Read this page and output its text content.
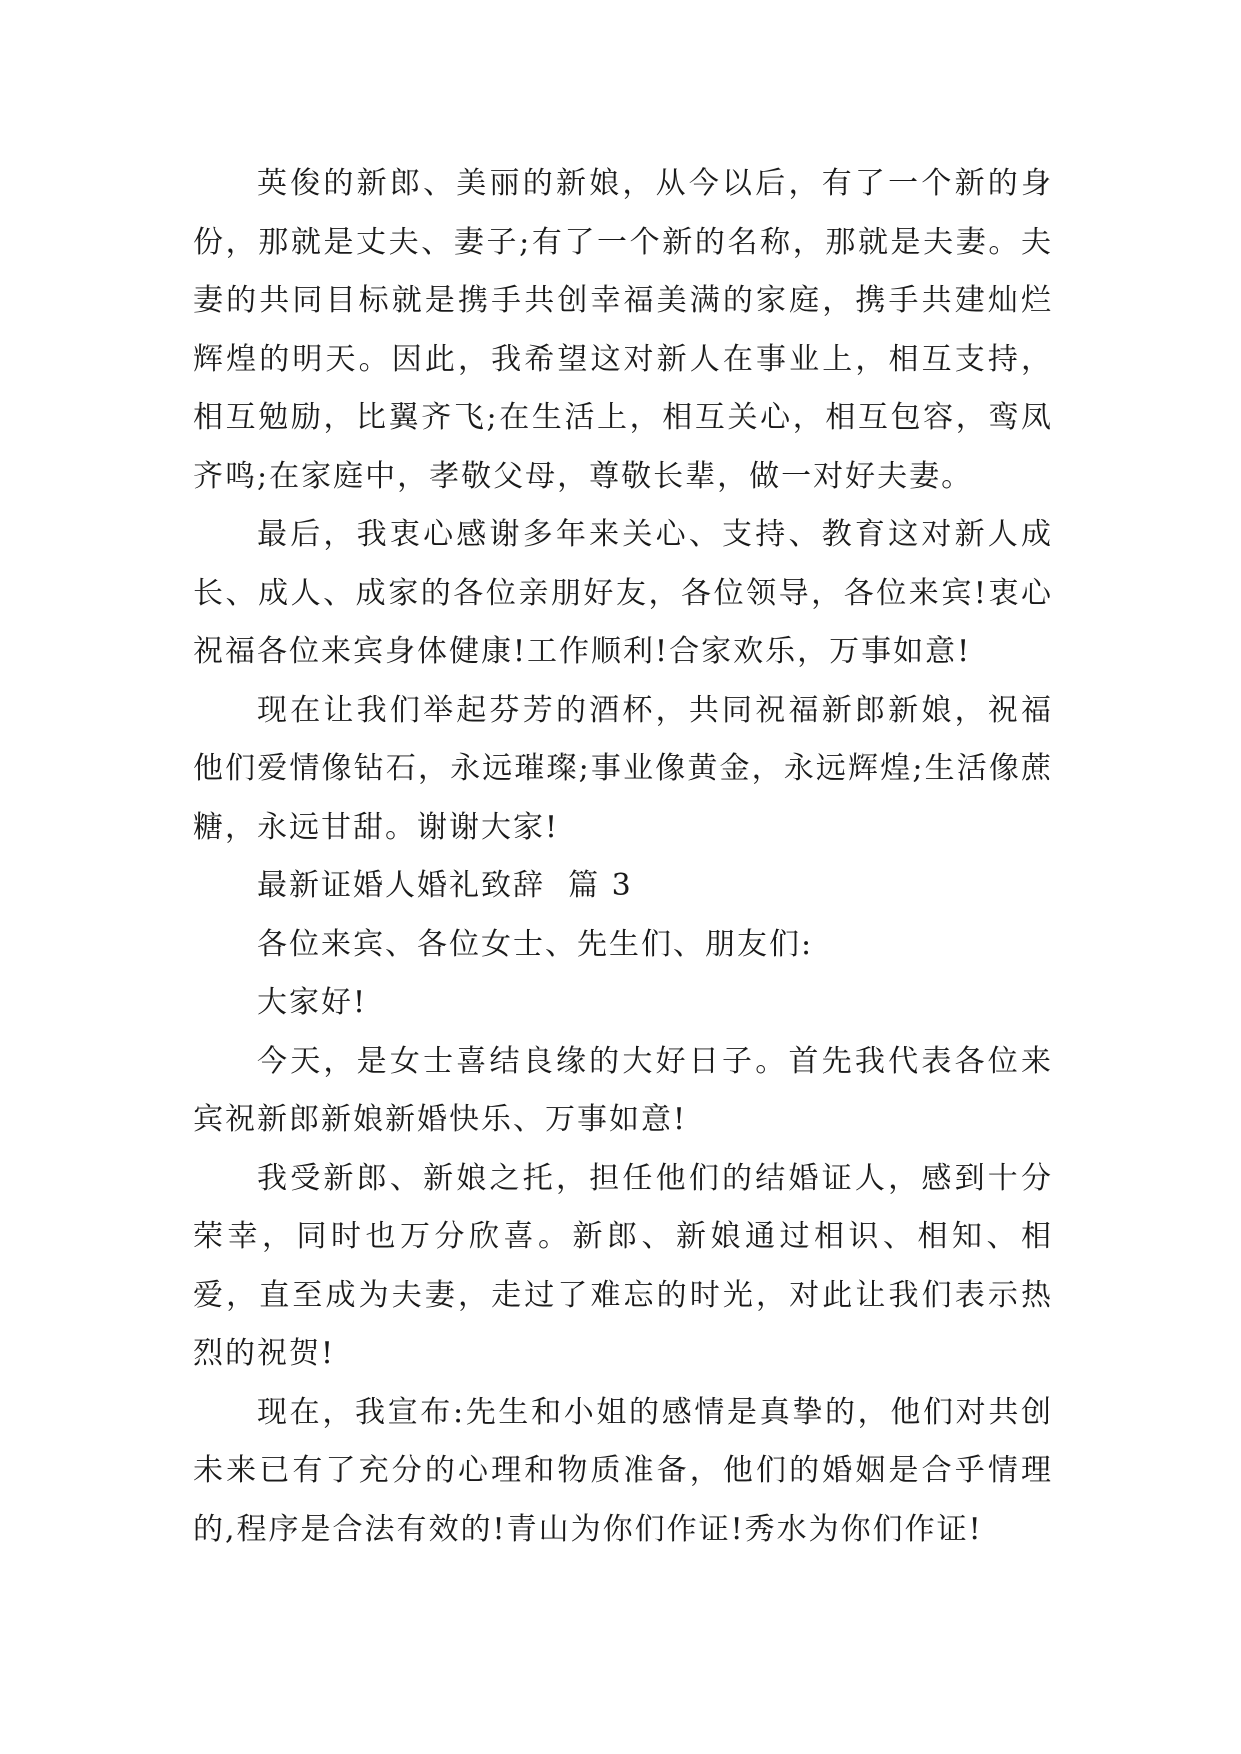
英俊的新郎、美丽的新娘，从今以后，有了一个新的身份，那就是丈夫、妻子;有了一个新的名称，那就是夫妻。夫妻的共同目标就是携手共创幸福美满的家庭，携手共建灿烂辉煌的明天。因此，我希望这对新人在事业上，相互支持，相互勉励，比翼齐飞;在生活上，相互关心，相互包容，鸾凤齐鸣;在家庭中，孝敬父母，尊敬长辈，做一对好夫妻。

最后，我衷心感谢多年来关心、支持、教育这对新人成长、成人、成家的各位亲朋好友，各位领导，各位来宾!衷心祝福各位来宾身体健康!工作顺利!合家欢乐，万事如意!

现在让我们举起芬芳的酒杯，共同祝福新郎新娘，祝福他们爱情像钻石，永远璀璨;事业像黄金，永远辉煌;生活像蔗糖，永远甘甜。谢谢大家!

最新证婚人婚礼致辞  篇 3

各位来宾、各位女士、先生们、朋友们:

大家好!

今天，是女士喜结良缘的大好日子。首先我代表各位来宾祝新郎新娘新婚快乐、万事如意!

我受新郎、新娘之托，担任他们的结婚证人，感到十分荣幸，同时也万分欣喜。新郎、新娘通过相识、相知、相爱，直至成为夫妻，走过了难忘的时光，对此让我们表示热烈的祝贺!

现在，我宣布:先生和小姐的感情是真挚的，他们对共创未来已有了充分的心理和物质准备，他们的婚姻是合乎情理的,程序是合法有效的!青山为你们作证!秀水为你们作证!
